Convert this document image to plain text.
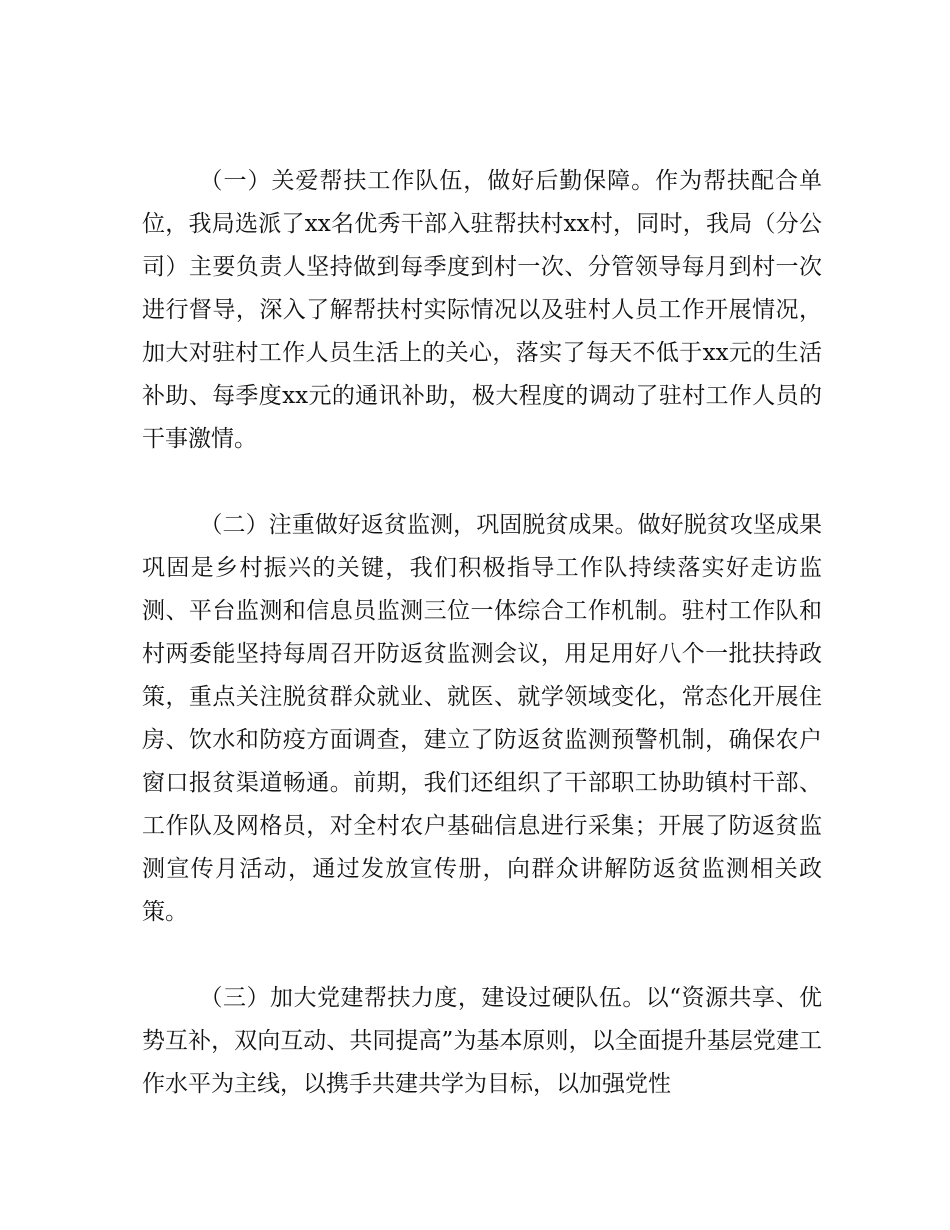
（一）关爱帮扶工作队伍，做好后勤保障。作为帮扶配合单位，我局选派了xx名优秀干部入驻帮扶村xx村，同时，我局（分公司）主要负责人坚持做到每季度到村一次、分管领导每月到村一次进行督导，深入了解帮扶村实际情况以及驻村人员工作开展情况，加大对驻村工作人员生活上的关心，落实了每天不低于xx元的生活补助、每季度xx元的通讯补助，极大程度的调动了驻村工作人员的干事激情。

（二）注重做好返贫监测，巩固脱贫成果。做好脱贫攻坚成果巩固是乡村振兴的关键，我们积极指导工作队持续落实好走访监测、平台监测和信息员监测三位一体综合工作机制。驻村工作队和村两委能坚持每周召开防返贫监测会议，用足用好八个一批扶持政策，重点关注脱贫群众就业、就医、就学领域变化，常态化开展住房、饮水和防疫方面调查，建立了防返贫监测预警机制，确保农户窗口报贫渠道畅通。前期，我们还组织了干部职工协助镇村干部、工作队及网格员，对全村农户基础信息进行采集；开展了防返贫监测宣传月活动，通过发放宣传册，向群众讲解防返贫监测相关政策。

（三）加大党建帮扶力度，建设过硬队伍。以“资源共享、优势互补，双向互动、共同提高”为基本原则，以全面提升基层党建工作水平为主线，以携手共建共学为目标，以加强党性
